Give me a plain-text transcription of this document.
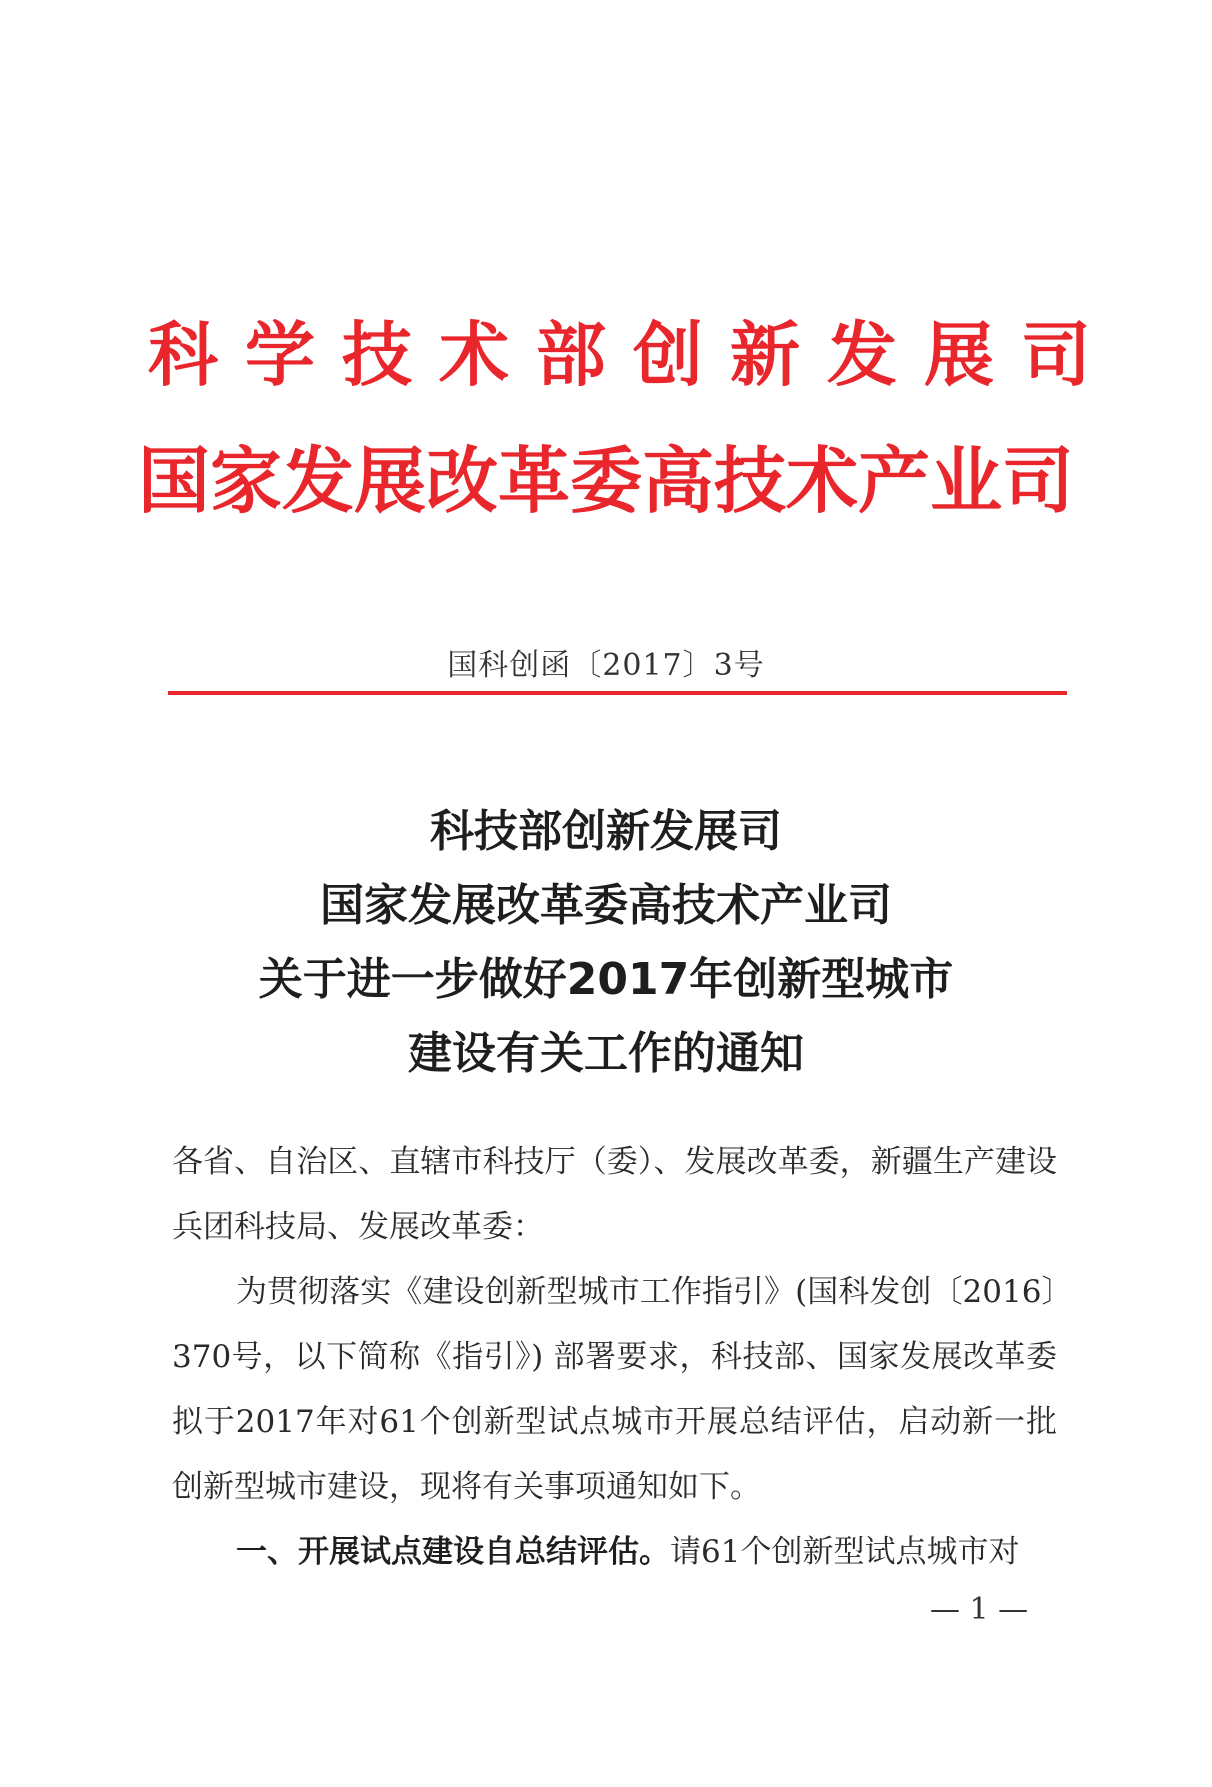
科学技术部创新发展司
国家发展改革委高技术产业司
国科创函〔2017〕3号
科技部创新发展司
国家发展改革委高技术产业司
关于进一步做好2017年创新型城市
建设有关工作的通知

各省、自治区、直辖市科技厅（委）、发展改革委，新疆生产建设兵团科技局、发展改革委：

为贯彻落实《建设创新型城市工作指引》(国科发创〔2016〕370号，以下简称《指引》) 部署要求，科技部、国家发展改革委拟于2017年对61个创新型试点城市开展总结评估，启动新一批创新型城市建设，现将有关事项通知如下。

一、开展试点建设自总结评估。请61个创新型试点城市对

— 1 —
